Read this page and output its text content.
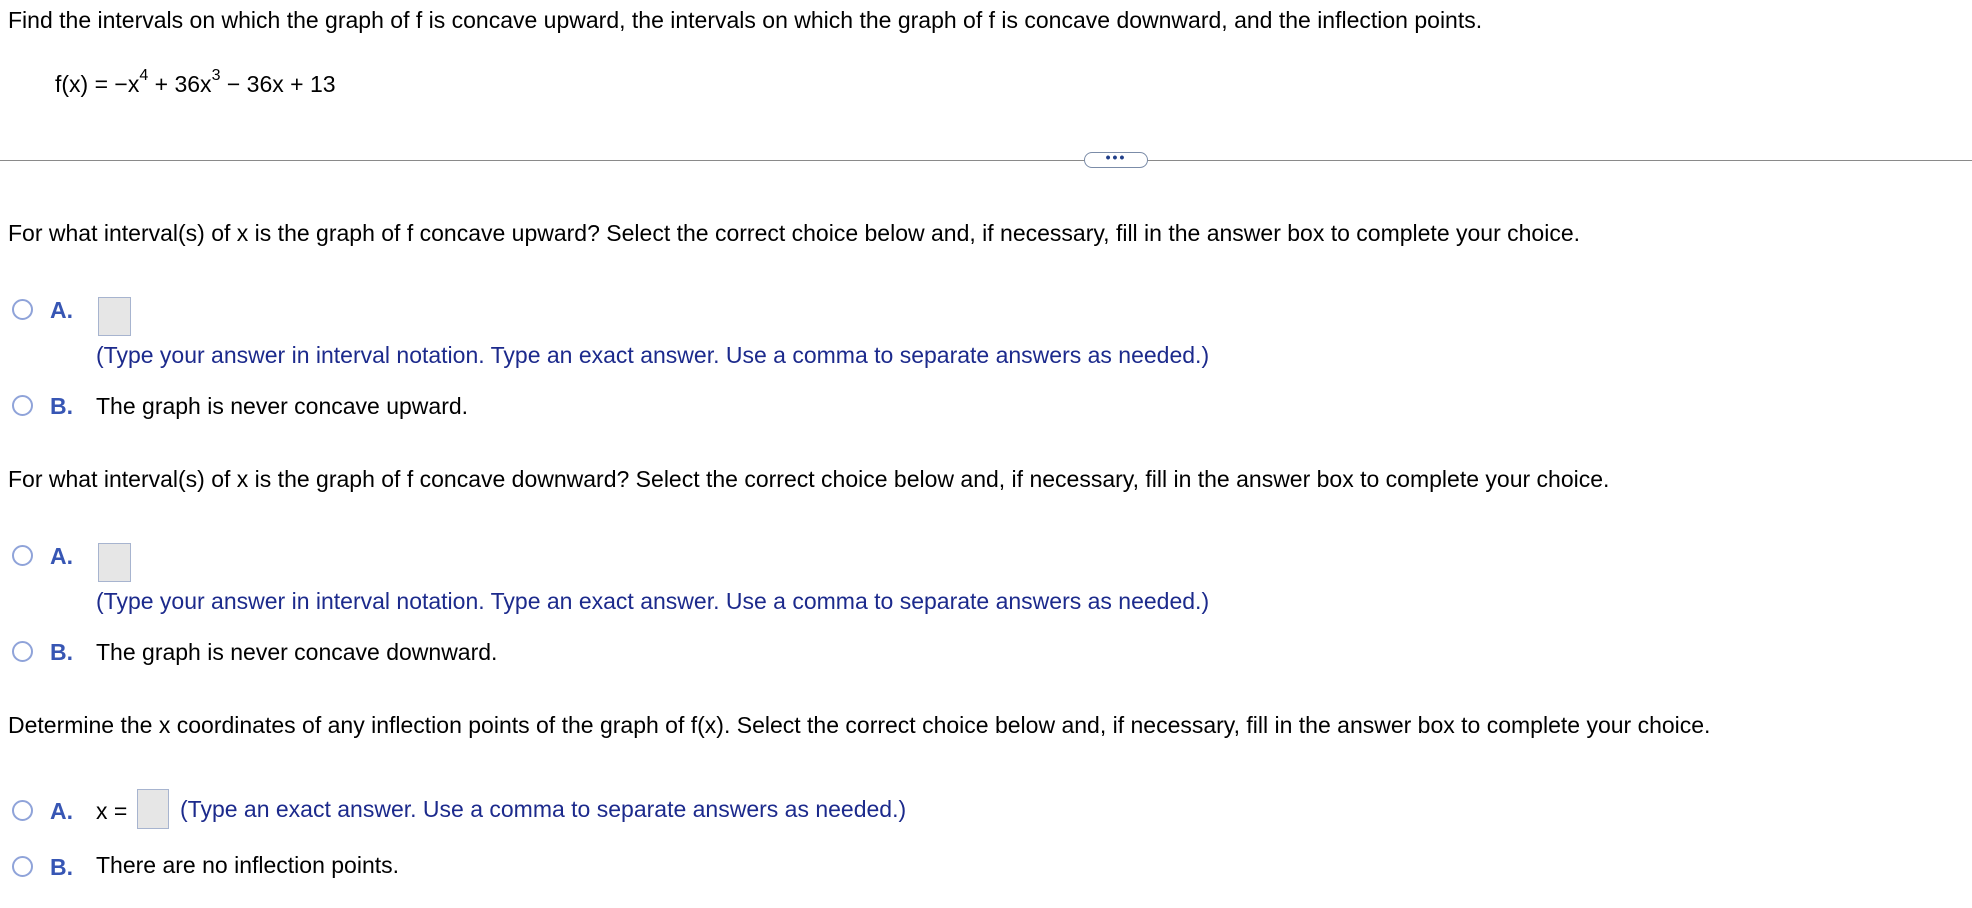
Find the intervals on which the graph of f is concave upward, the intervals on which the graph of f is concave downward, and the inflection points.
$f(x) = -x^4 + 36x^3 - 36x + 13$
•••
For what interval(s) of x is the graph of f concave upward? Select the correct choice below and, if necessary, fill in the answer box to complete your choice.
A.
(Type your answer in interval notation. Type an exact answer. Use a comma to separate answers as needed.)
B. The graph is never concave upward.
For what interval(s) of x is the graph of f concave downward? Select the correct choice below and, if necessary, fill in the answer box to complete your choice.
A.
(Type your answer in interval notation. Type an exact answer. Use a comma to separate answers as needed.)
B. The graph is never concave downward.
Determine the x coordinates of any inflection points of the graph of f(x). Select the correct choice below and, if necessary, fill in the answer box to complete your choice.
A. x = (Type an exact answer. Use a comma to separate answers as needed.)
B. There are no inflection points.
